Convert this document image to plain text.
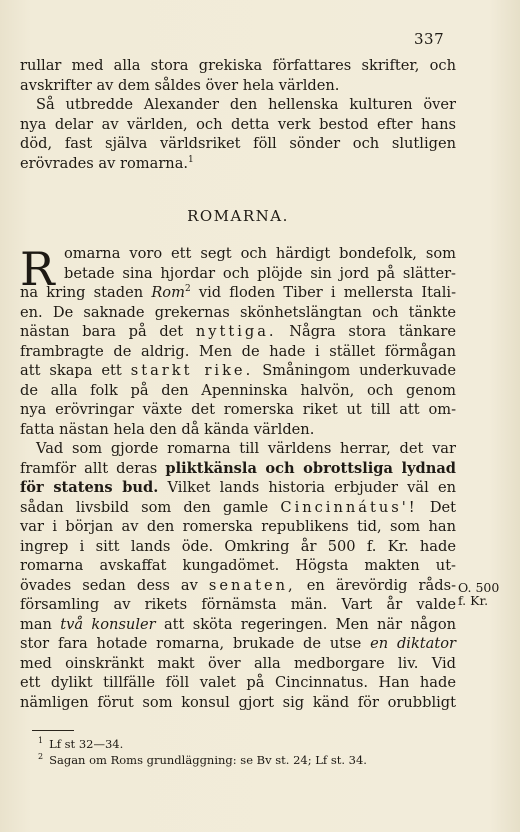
337
rullar med alla stora grekiska författares skrifter, och
avskrifter av dem såldes över hela världen.
Så utbredde Alexander den hellenska kulturen över
nya delar av världen, och detta verk bestod efter hans
död, fast själva världsriket föll sönder och slutligen
erövrades av romarna.$^1$
ROMARNA.
R omarna voro ett segt och härdigt bondefolk, som
betade sina hjordar och plöjde sin jord på slätter-
na kring staden Rom$^2$ vid floden Tiber i mellersta Itali-
en. De saknade grekernas skönhetslängtan och tänkte
nästan bara på det nyttiga. Några stora tänkare
frambragte de aldrig. Men de hade i stället förmågan
att skapa ett starkt rike. Småningom underkuvade
de alla folk på den Apenninska halvön, och genom
nya erövringar växte det romerska riket ut till att om-
fatta nästan hela den då kända världen.
Vad som gjorde romarna till världens herrar, det var
framför allt deras pliktkänsla och obrottsliga lydnad
för statens bud. Vilket lands historia erbjuder väl en
sådan livsbild som den gamle Cincinnátus'! Det
var i början av den romerska republikens tid, som han
ingrep i sitt lands öde. Omkring år 500 f. Kr. hade
romarna avskaffat kungadömet. Högsta makten ut-
övades sedan dess av senaten, en ärevördig råds-
församling av rikets förnämsta män. Vart år valde
man två konsuler att sköta regeringen. Men när någon
stor fara hotade romarna, brukade de utse en diktator
med oinskränkt makt över alla medborgare liv. Vid
ett dylikt tillfälle föll valet på Cincinnatus. Han hade
nämligen förut som konsul gjort sig känd för orubbligt
O. 500
f. Kr.
$^1$ Lf st 32—34.
$^2$ Sagan om Roms grundläggning: se Bv st. 24; Lf st. 34.
